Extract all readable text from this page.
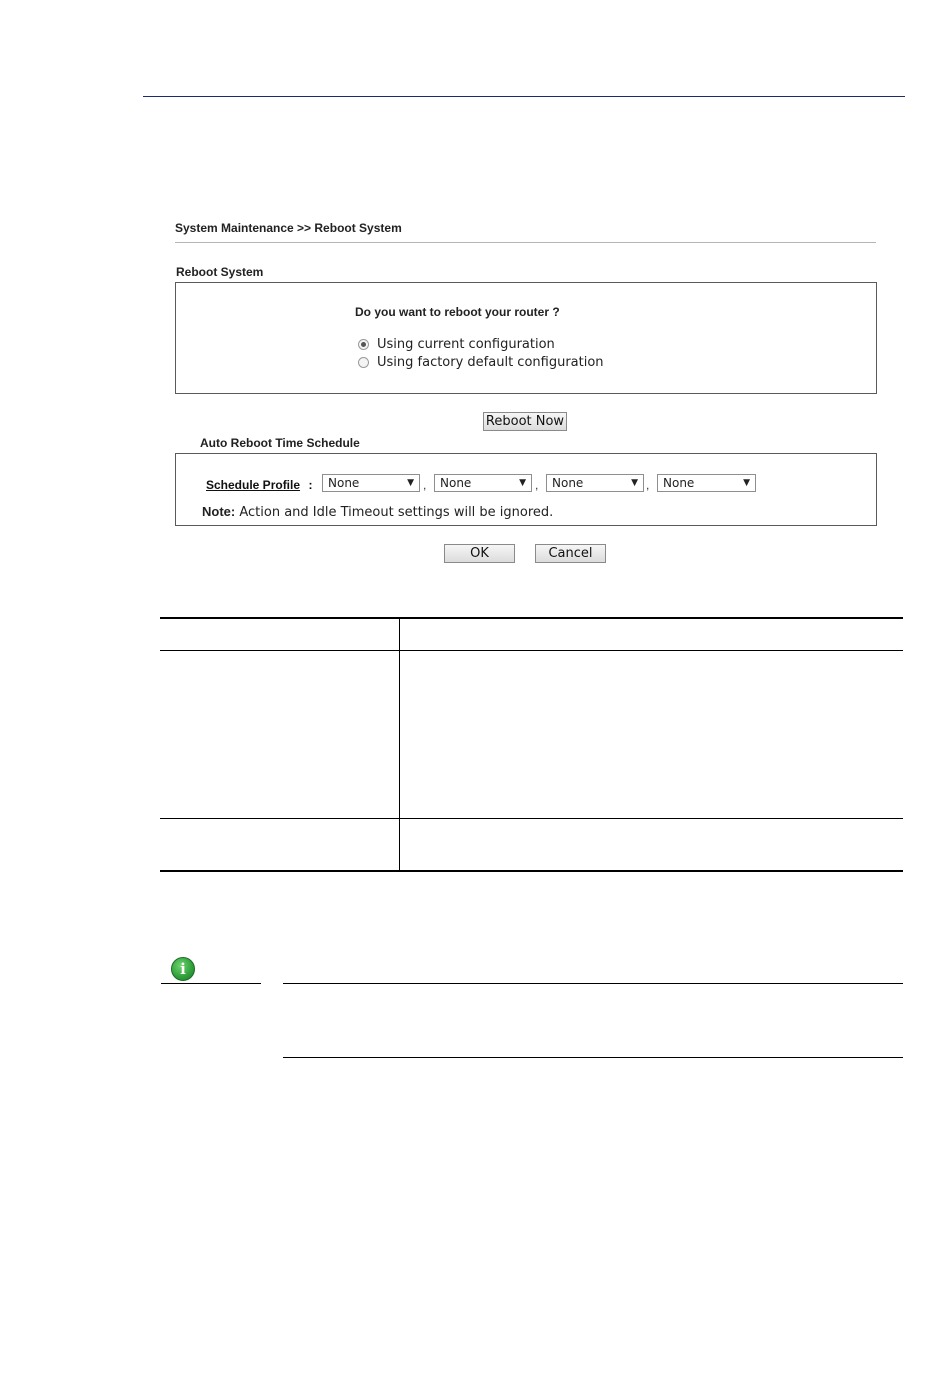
System Maintenance >> Reboot System
Reboot System
Do you want to reboot your router ?
Using current configuration
Using factory default configuration
Reboot Now
Auto Reboot Time Schedule
Schedule Profile :	None	▼ ,	None	▼ ,	None	▼ ,	None	▼
Note: Action and Idle Timeout settings will be ignored.
OK	Cancel
i
